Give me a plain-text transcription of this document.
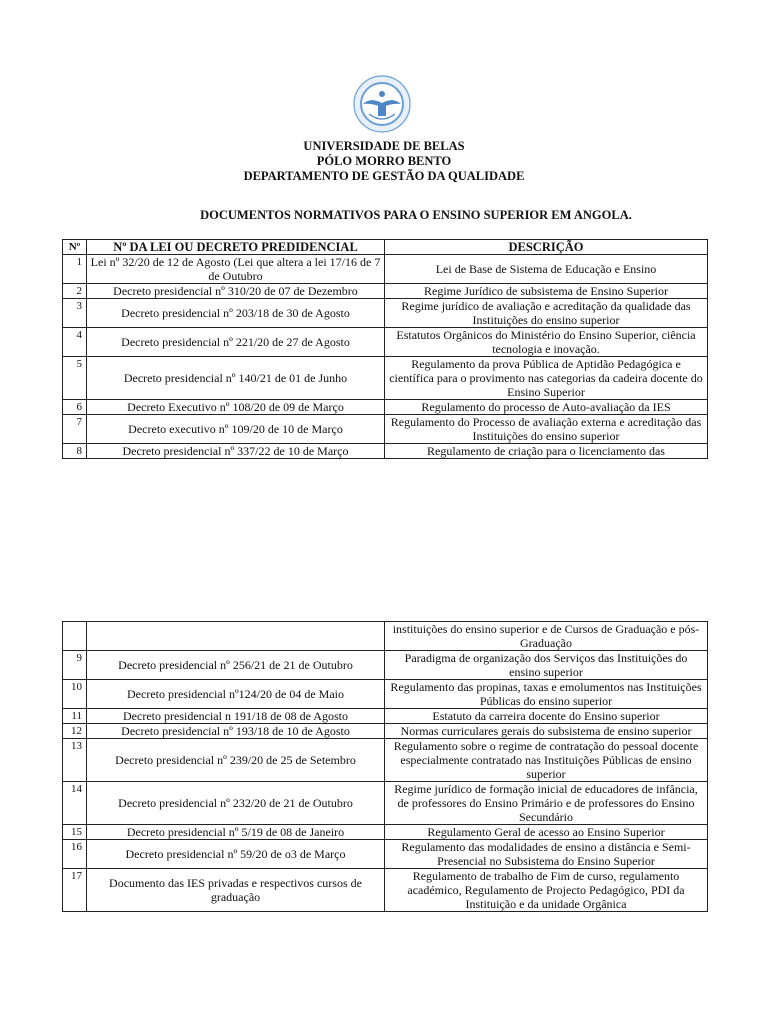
UNIVERSIDADE DE BELAS
PÓLO MORRO BENTO
DEPARTAMENTO DE GESTÃO DA QUALIDADE
DOCUMENTOS NORMATIVOS PARA O ENSINO SUPERIOR EM ANGOLA.
Nº	Nº DA LEI OU DECRETO PREDIDENCIAL	DESCRIÇÃO
1	Lei nº 32/20 de 12 de Agosto (Lei que altera a lei 17/16 de 7 de Outubro	Lei de Base de Sistema de Educação e Ensino
2	Decreto presidencial nº 310/20 de 07 de Dezembro	Regime Jurídico de subsistema de Ensino Superior
3	Decreto presidencial nº 203/18 de 30 de Agosto	Regime jurídico de avaliação e acreditação da qualidade das Instituições do ensino superior
4	Decreto presidencial nº 221/20 de 27 de Agosto	Estatutos Orgânicos do Ministério do Ensino Superior, ciência tecnologia e inovação.
5	Decreto presidencial nº 140/21 de 01 de Junho	Regulamento da prova Pública de Aptidão Pedagógica e científica para o provimento nas categorias da cadeira docente do Ensino Superior
6	Decreto Executivo nº 108/20 de 09 de Março	Regulamento do processo de Auto-avaliação da IES
7	Decreto executivo nº 109/20 de 10 de Março	Regulamento do Processo de avaliação externa e acreditação das Instituições do ensino superior
8	Decreto presidencial nº 337/22 de 10 de Março	Regulamento de criação para o licenciamento das
		instituições do ensino superior e de Cursos de Graduação e pós-Graduação
9	Decreto presidencial nº 256/21 de 21 de Outubro	Paradigma de organização dos Serviços das Instituições do ensino superior
10	Decreto presidencial nº124/20 de 04 de Maio	Regulamento das propinas, taxas e emolumentos nas Instituições Públicas do ensino superior
11	Decreto presidencial n 191/18 de 08 de Agosto	Estatuto da carreira docente do Ensino superior
12	Decreto presidencial nº 193/18 de 10 de Agosto	Normas curriculares gerais do subsistema de ensino superior
13	Decreto presidencial nº 239/20 de 25 de Setembro	Regulamento sobre o regime de contratação do pessoal docente especialmente contratado nas Instituições Públicas de ensino superior
14	Decreto presidencial nº 232/20 de 21 de Outubro	Regime jurídico de formação inicial de educadores de infância, de professores do Ensino Primário e de professores do Ensino Secundário
15	Decreto presidencial nº 5/19 de 08 de Janeiro	Regulamento Geral de acesso ao Ensino Superior
16	Decreto presidencial nº 59/20 de o3 de Março	Regulamento das modalidades de ensino a distância e Semi-Presencial no Subsistema do Ensino Superior
17	Documento das IES privadas e respectivos cursos de graduação	Regulamento de trabalho de Fim de curso, regulamento académico, Regulamento de Projecto Pedagógico, PDI da Instituição e da unidade Orgânica
